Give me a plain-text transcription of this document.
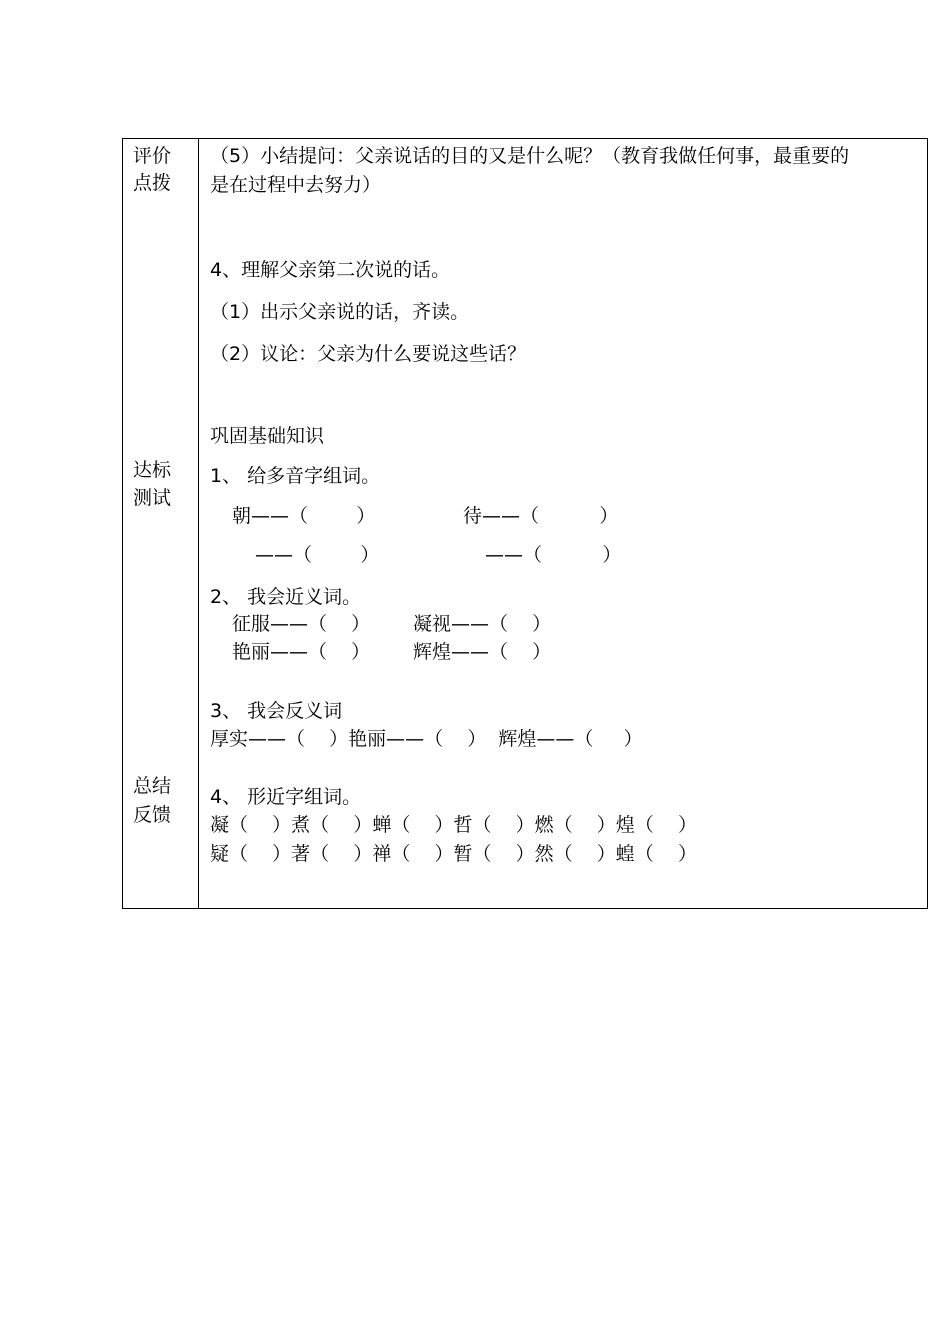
评价
点拨
达标
测试
总结
反馈
（5）小结提问：父亲说话的目的又是什么呢？（教育我做任何事，最重要的
是在过程中去努力）
4、理解父亲第二次说的话。
（1）出示父亲说的话，齐读。
（2）议论：父亲为什么要说这些话？
巩固基础知识
1、 给多音字组词。
朝——（        ）	待——（          ）
——（        ）	——（          ）
2、 我会近义词。
征服——（    ） 凝视——（    ）
艳丽——（    ） 辉煌——（    ）
3、 我会反义词
厚实——（    ）艳丽——（    ）  辉煌——（     ）
4、 形近字组词。
凝（    ）煮（    ）蝉（    ）哲（    ）燃（    ）煌（    ）
疑（    ）著（    ）禅（    ）暂（    ）然（    ）蝗（    ）
